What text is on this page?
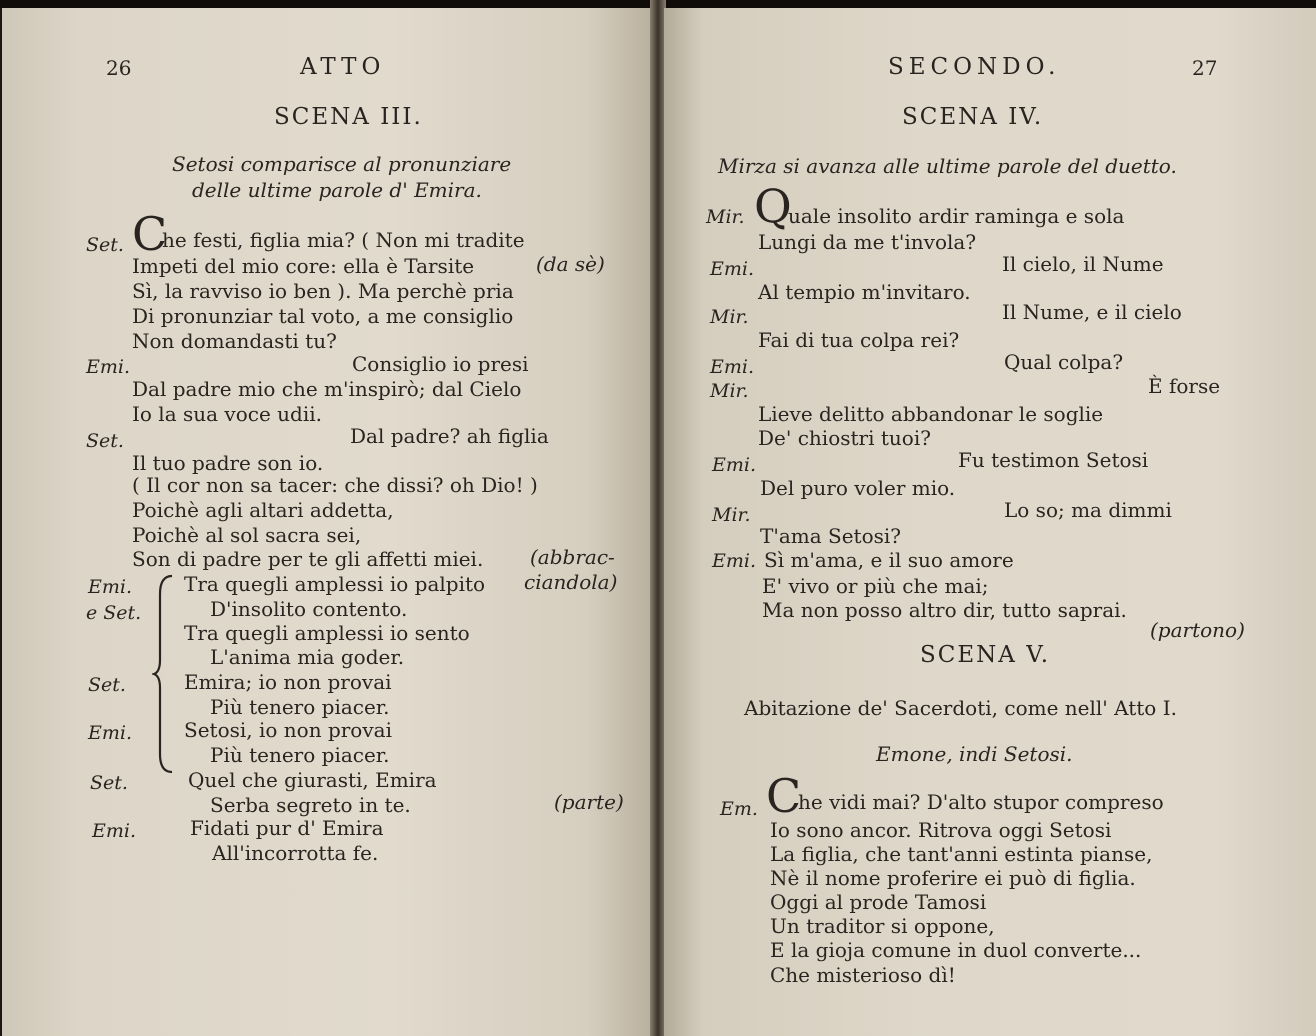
26	ATTO
SCENA III.
Setosi comparisce al pronunziare
delle ultime parole d' Emira.
Set. C
he festi, figlia mia? ( Non mi tradite
Impeti del mio core: ella è Tarsite	(da sè)
Sì, la ravviso io ben ). Ma perchè pria
Di pronunziar tal voto, a me consiglio
Non domandasti tu?
Emi.	Consiglio io presi
Dal padre mio che m'inspirò; dal Cielo
Io la sua voce udii.
Set.	Dal padre? ah figlia
Il tuo padre son io.
( Il cor non sa tacer: che dissi? oh Dio! )
Poichè agli altari addetta,
Poichè al sol sacra sei,
Son di padre per te gli affetti miei. (abbrac-
Emi.
e Set.
Tra quegli amplessi io palpito ciandola)
D'insolito contento.
Tra quegli amplessi io sento
L'anima mia goder.
Set.	Emira; io non provai
Più tenero piacer.
Emi.	Setosi, io non provai
Più tenero piacer.
Set.	Quel che giurasti, Emira
Serba segreto in te.	(parte)
Emi.	Fidati pur d' Emira
All'incorrotta fe.
SECONDO.	27
SCENA IV.
Mirza si avanza alle ultime parole del duetto.
Mir. Q
uale insolito ardir raminga e sola
Lungi da me t'invola?
Emi.	Il cielo, il Nume
Al tempio m'invitaro.
Mir.	Il Nume, e il cielo
Fai di tua colpa rei?
Emi.	Qual colpa?
Mir.	È forse
Lieve delitto abbandonar le soglie
De' chiostri tuoi?
Emi.	Fu testimon Setosi
Del puro voler mio.
Mir.	Lo so; ma dimmi
T'ama Setosi?
Emi. Sì m'ama, e il suo amore
E' vivo or più che mai;
Ma non posso altro dir, tutto saprai.
(partono)
SCENA V.
Abitazione de' Sacerdoti, come nell' Atto I.
Emone, indi Setosi.
Em. C
he vidi mai? D'alto stupor compreso
Io sono ancor. Ritrova oggi Setosi
La figlia, che tant'anni estinta pianse,
Nè il nome proferire ei può di figlia.
Oggi al prode Tamosi
Un traditor si oppone,
E la gioja comune in duol converte...
Che misterioso dì!
